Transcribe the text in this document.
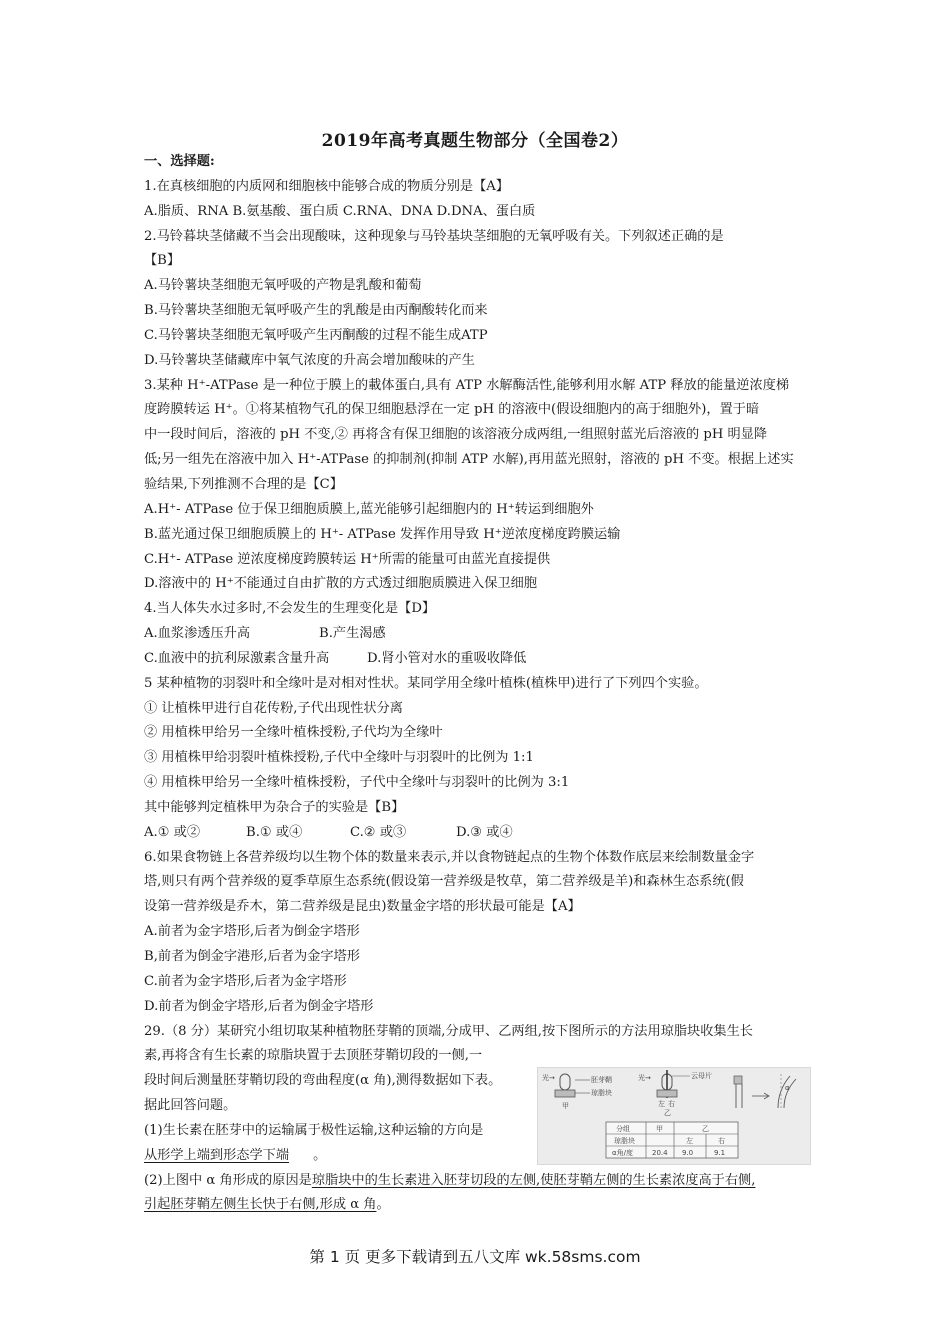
2019年高考真题生物部分（全国卷2）
一、选择题:
1.在真核细胞的内质网和细胞核中能够合成的物质分别是【A】
A.脂质、RNA B.氨基酸、蛋白质 C.RNA、DNA D.DNA、蛋白质
2.马铃暮块茎储藏不当会出现酸味，这种现象与马铃基块茎细胞的无氧呼吸有关。下列叙述正确的是
【B】
A.马铃薯块茎细胞无氧呼吸的产物是乳酸和葡萄
B.马铃薯块茎细胞无氧呼吸产生的乳酸是由丙酮酸转化而来
C.马铃薯块茎细胞无氧呼吸产生丙酮酸的过程不能生成ATP
D.马铃薯块茎储藏库中氧气浓度的升高会增加酸味的产生
3.某种 H⁺-ATPase 是一种位于膜上的載体蛋白,具有 ATP 水解酶活性,能够利用水解 ATP 释放的能量逆浓度梯
度跨膜转运 H⁺。①将某植物气孔的保卫细胞悬浮在一定 pH 的溶液中(假设细胞内的高于细胞外)，置于暗
中一段时间后，溶液的 pH 不变,② 再将含有保卫细胞的该溶液分成两组,一组照射蓝光后溶液的 pH 明显降
低;另一组先在溶液中加入 H⁺-ATPase 的抑制剂(抑制 ATP 水解),再用蓝光照射，溶液的 pH 不变。根据上述实
验结果,下列推测不合理的是【C】
A.H⁺- ATPase 位于保卫细胞质膜上,蓝光能够引起细胞内的 H⁺转运到细胞外
B.蓝光通过保卫细胞质膜上的 H⁺- ATPase 发挥作用导致 H⁺逆浓度梯度跨膜运输
C.H⁺- ATPase 逆浓度梯度跨膜转运 H⁺所需的能量可由蓝光直接提供
D.溶液中的 H⁺不能通过自由扩散的方式透过细胞质膜进入保卫细胞
4.当人体失水过多时,不会发生的生理变化是【D】
A.血浆渗透压升高	B.产生渴感
C.血液中的抗利尿激素含量升高	D.肾小管对水的重吸收降低
5 某种植物的羽裂叶和全缘叶是对相对性状。某同学用全缘叶植株(植株甲)进行了下列四个实验。
① 让植株甲进行自花传粉,子代出现性状分离
② 用植株甲给另一全缘叶植株授粉,子代均为全缘叶
③ 用植株甲给羽裂叶植株授粉,子代中全缘叶与羽裂叶的比例为 1:1
④ 用植株甲给另一全缘叶植株授粉，子代中全缘叶与羽裂叶的比例为 3:1
其中能够判定植株甲为杂合子的实验是【B】
A.① 或②	B.① 或④	C.② 或③	D.③ 或④
6.如果食物链上各营养级均以生物个体的数量来表示,并以食物链起点的生物个体数作底层来绘制数量金字
塔,则只有两个营养级的夏季草原生态系统(假设第一营养级是牧草，第二营养级是羊)和森林生态系统(假
设第一营养级是乔木，第二营养级是昆虫)数量金字塔的形状最可能是【A】
A.前者为金字塔形,后者为倒金字塔形
B,前者为倒金字港形,后者为金字塔形
C.前者为金字塔形,后者为金字塔形
D.前者为倒金字塔形,后者为倒金字塔形
29.（8 分）某研究小组切取某种植物胚芽鞘的顶端,分成甲、乙两组,按下图所示的方法用琼脂块收集生长
素,再将含有生长素的琼脂块置于去顶胚芽鞘切段的一侧,一
段时间后测量胚芽鞘切段的弯曲程度(α 角),测得数据如下表。
据此回答问题。
(1)生长素在胚芽中的运输属于极性运输,这种运输的方向是
从形学上端到形态学下端 。
(2)上图中 α 角形成的原因是琼脂块中的生长素进入胚芽切段的左侧,使胚芽鞘左侧的生长素浓度高于右侧,
引起胚芽鞘左侧生长快于右侧,形成 α 角。
光→	胚芽鞘
琼脂块
甲
光→	云母片
左 右
乙
α
分组	甲	乙
琼脂块	左	右
α角/度	20.4 9.0	9.1
第 1 页 更多下载请到五八文库 wk.58sms.com
